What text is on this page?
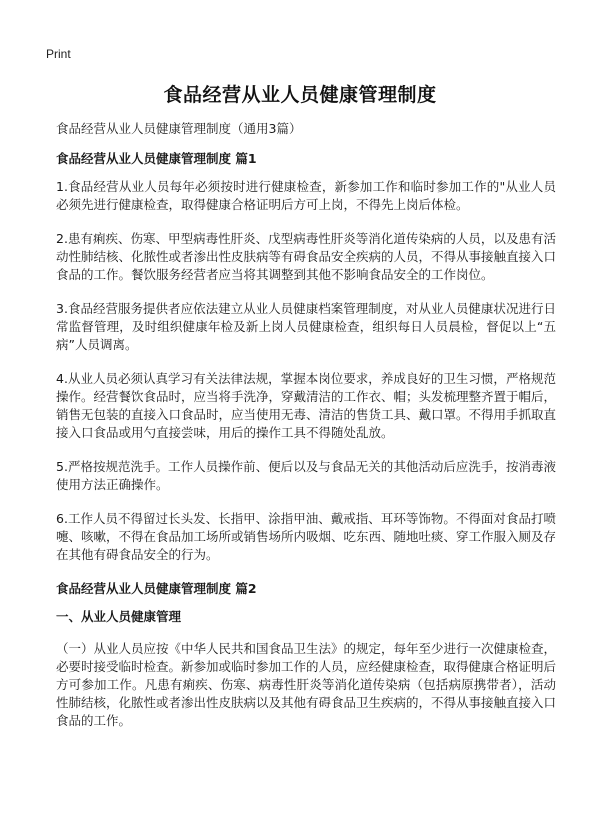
Print
食品经营从业人员健康管理制度

食品经营从业人员健康管理制度（通用3篇）

食品经营从业人员健康管理制度 篇1

1.食品经营从业人员每年必须按时进行健康检查，新参加工作和临时参加工作的"从业人员必须先进行健康检查，取得健康合格证明后方可上岗，不得先上岗后体检。

2.患有痢疾、伤寒、甲型病毒性肝炎、戊型病毒性肝炎等消化道传染病的人员，以及患有活动性肺结核、化脓性或者渗出性皮肤病等有碍食品安全疾病的人员，不得从事接触直接入口食品的工作。餐饮服务经营者应当将其调整到其他不影响食品安全的工作岗位。

3.食品经营服务提供者应依法建立从业人员健康档案管理制度，对从业人员健康状况进行日常监督管理，及时组织健康年检及新上岗人员健康检查，组织每日人员晨检，督促以上“五病”人员调离。

4.从业人员必须认真学习有关法律法规，掌握本岗位要求，养成良好的卫生习惯，严格规范操作。经营餐饮食品时，应当将手洗净，穿戴清洁的工作衣、帽；头发梳理整齐置于帽后，销售无包装的直接入口食品时，应当使用无毒、清洁的售货工具、戴口罩。不得用手抓取直接入口食品或用勺直接尝味，用后的操作工具不得随处乱放。

5.严格按规范洗手。工作人员操作前、便后以及与食品无关的其他活动后应洗手，按消毒液使用方法正确操作。

6.工作人员不得留过长头发、长指甲、涂指甲油、戴戒指、耳环等饰物。不得面对食品打喷嚏、咳嗽，不得在食品加工场所或销售场所内吸烟、吃东西、随地吐痰、穿工作服入厕及存在其他有碍食品安全的行为。

食品经营从业人员健康管理制度 篇2

一、从业人员健康管理

（一）从业人员应按《中华人民共和国食品卫生法》的规定，每年至少进行一次健康检查，必要时接受临时检查。新参加或临时参加工作的人员，应经健康检查，取得健康合格证明后方可参加工作。凡患有痢疾、伤寒、病毒性肝炎等消化道传染病（包括病原携带者），活动性肺结核，化脓性或者渗出性皮肤病以及其他有碍食品卫生疾病的，不得从事接触直接入口食品的工作。
